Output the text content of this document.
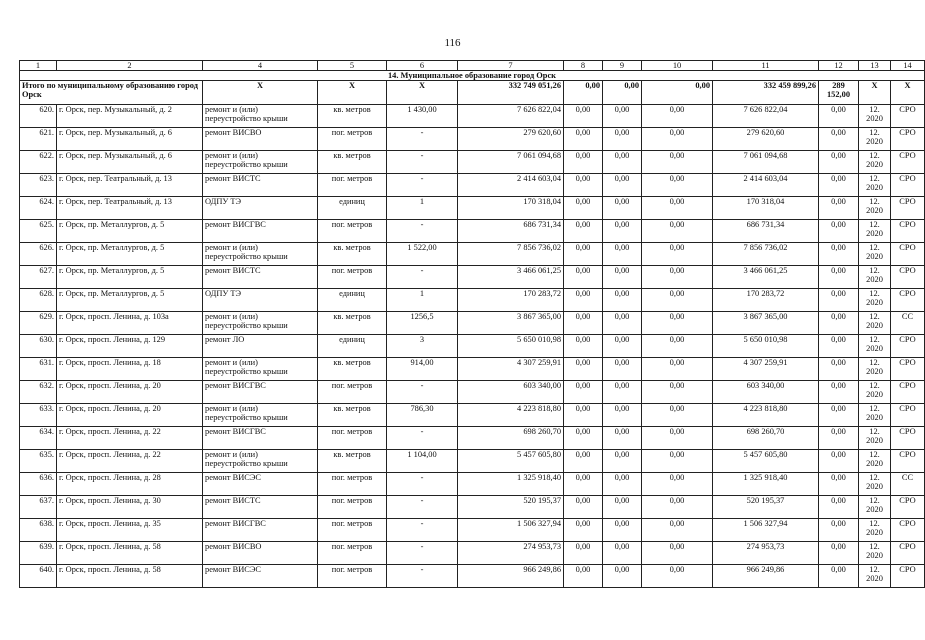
116
1	2	4	5	6	7	8	9	10	11	12	13	14
14. Муниципальное образование город Орск												
Итого по муниципальному образованию город Орск		X	X	X	332 749 051,26	0,00	0,00	0,00	332 459 899,26	289 152,00	X	X
620.	г. Орск, пер. Музыкальный, д. 2	ремонт и (или) переустройство крыши	кв. метров	1 430,00	7 626 822,04	0,00	0,00	0,00	7 626 822,04	0,00	12. 2020	СРО
621.	г. Орск, пер. Музыкальный, д. 6	ремонт ВИСВО	пог. метров	-	279 620,60	0,00	0,00	0,00	279 620,60	0,00	12. 2020	СРО
622.	г. Орск, пер. Музыкальный, д. 6	ремонт и (или) переустройство крыши	кв. метров	-	7 061 094,68	0,00	0,00	0,00	7 061 094,68	0,00	12. 2020	СРО
623.	г. Орск, пер. Театральный, д. 13	ремонт ВИСТС	пог. метров	-	2 414 603,04	0,00	0,00	0,00	2 414 603,04	0,00	12. 2020	СРО
624.	г. Орск, пер. Театральный, д. 13	ОДПУ ТЭ	единиц	1	170 318,04	0,00	0,00	0,00	170 318,04	0,00	12. 2020	СРО
625.	г. Орск, пр. Металлургов, д. 5	ремонт ВИСГВС	пог. метров	-	686 731,34	0,00	0,00	0,00	686 731,34	0,00	12. 2020	СРО
626.	г. Орск, пр. Металлургов, д. 5	ремонт и (или) переустройство крыши	кв. метров	1 522,00	7 856 736,02	0,00	0,00	0,00	7 856 736,02	0,00	12. 2020	СРО
627.	г. Орск, пр. Металлургов, д. 5	ремонт ВИСТС	пог. метров	-	3 466 061,25	0,00	0,00	0,00	3 466 061,25	0,00	12. 2020	СРО
628.	г. Орск, пр. Металлургов, д. 5	ОДПУ ТЭ	единиц	1	170 283,72	0,00	0,00	0,00	170 283,72	0,00	12. 2020	СРО
629.	г. Орск, просп. Ленина, д. 103а	ремонт и (или) переустройство крыши	кв. метров	1256,5	3 867 365,00	0,00	0,00	0,00	3 867 365,00	0,00	12. 2020	СС
630.	г. Орск, просп. Ленина, д. 129	ремонт ЛО	единиц	3	5 650 010,98	0,00	0,00	0,00	5 650 010,98	0,00	12. 2020	СРО
631.	г. Орск, просп. Ленина, д. 18	ремонт и (или) переустройство крыши	кв. метров	914,00	4 307 259,91	0,00	0,00	0,00	4 307 259,91	0,00	12. 2020	СРО
632.	г. Орск, просп. Ленина, д. 20	ремонт ВИСГВС	пог. метров	-	603 340,00	0,00	0,00	0,00	603 340,00	0,00	12. 2020	СРО
633.	г. Орск, просп. Ленина, д. 20	ремонт и (или) переустройство крыши	кв. метров	786,30	4 223 818,80	0,00	0,00	0,00	4 223 818,80	0,00	12. 2020	СРО
634.	г. Орск, просп. Ленина, д. 22	ремонт ВИСГВС	пог. метров	-	698 260,70	0,00	0,00	0,00	698 260,70	0,00	12. 2020	СРО
635.	г. Орск, просп. Ленина, д. 22	ремонт и (или) переустройство крыши	кв. метров	1 104,00	5 457 605,80	0,00	0,00	0,00	5 457 605,80	0,00	12. 2020	СРО
636.	г. Орск, просп. Ленина, д. 28	ремонт ВИСЭС	пог. метров	-	1 325 918,40	0,00	0,00	0,00	1 325 918,40	0,00	12. 2020	СС
637.	г. Орск, просп. Ленина, д. 30	ремонт ВИСТС	пог. метров	-	520 195,37	0,00	0,00	0,00	520 195,37	0,00	12. 2020	СРО
638.	г. Орск, просп. Ленина, д. 35	ремонт ВИСГВС	пог. метров	-	1 506 327,94	0,00	0,00	0,00	1 506 327,94	0,00	12. 2020	СРО
639.	г. Орск, просп. Ленина, д. 58	ремонт ВИСВО	пог. метров	-	274 953,73	0,00	0,00	0,00	274 953,73	0,00	12. 2020	СРО
640.	г. Орск, просп. Ленина, д. 58	ремонт ВИСЭС	пог. метров	-	966 249,86	0,00	0,00	0,00	966 249,86	0,00	12. 2020	СРО
